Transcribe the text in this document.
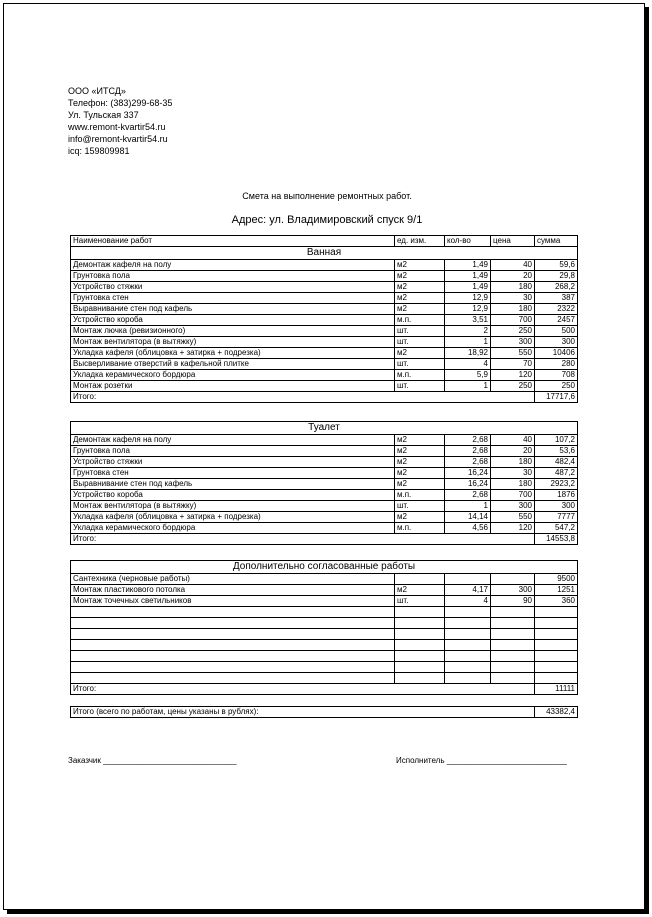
ООО «ИТСД»
Телефон: (383)299-68-35
Ул. Тульская 337
www.remont-kvartir54.ru
info@remont-kvartir54.ru
icq: 159809981
Смета на выполнение ремонтных работ.
Адрес: ул. Владимировский спуск 9/1
Наименование работ	ед. изм.	кол-во	цена	сумма
Ванная				
Демонтаж кафеля на полу	м2	1,49	40	59,6
Грунтовка пола	м2	1,49	20	29,8
Устройство стяжки	м2	1,49	180	268,2
Грунтовка стен	м2	12,9	30	387
Выравнивание стен под кафель	м2	12,9	180	2322
Устройство короба	м.п.	3,51	700	2457
Монтаж лючка (ревизионного)	шт.	2	250	500
Монтаж вентилятора (в вытяжку)	шт.	1	300	300
Укладка кафеля (облицовка + затирка + подрезка)	м2	18,92	550	10406
Высверливание отверстий в кафельной плитке	шт.	4	70	280
Укладка керамического бордюра	м.п.	5,9	120	708
Монтаж розетки	шт.	1	250	250
Итого:				17717,6
Туалет				
Демонтаж кафеля на полу	м2	2,68	40	107,2
Грунтовка пола	м2	2,68	20	53,6
Устройство стяжки	м2	2,68	180	482,4
Грунтовка стен	м2	16,24	30	487,2
Выравнивание стен под кафель	м2	16,24	180	2923,2
Устройство короба	м.п.	2,68	700	1876
Монтаж вентилятора (в вытяжку)	шт.	1	300	300
Укладка кафеля (облицовка + затирка + подрезка)	м2	14,14	550	7777
Укладка керамического бордюра	м.п.	4,56	120	547,2
Итого:				14553,8
Дополнительно согласованные работы				
Сантехника (черновые работы)				9500
Монтаж пластикового потолка	м2	4,17	300	1251
Монтаж точечных светильников	шт.	4	90	360

Итого:				11111
Итого (всего по работам, цены указаны в рублях):	43382,4
Заказчик ______________________________	Исполнитель ___________________________
